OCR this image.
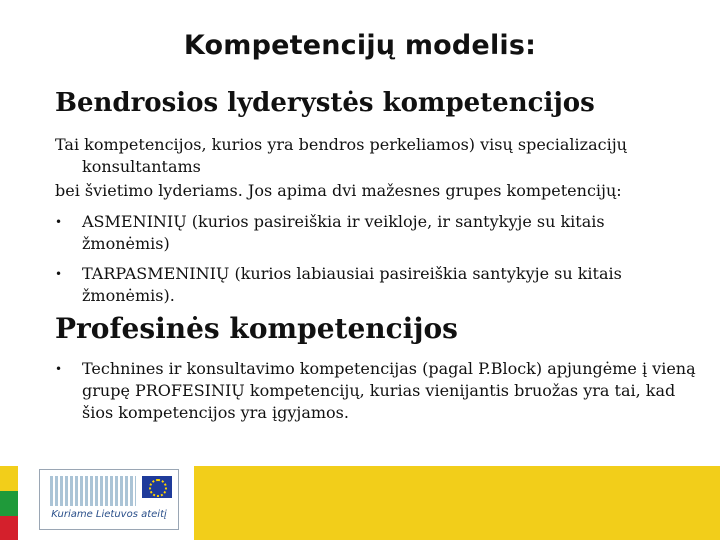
Kompetencijų modelis:
Bendrosios lyderystės kompetencijos
Tai kompetencijos, kurios yra bendros perkeliamos) visų specializacijų
konsultantams
bei švietimo lyderiams. Jos apima dvi mažesnes grupes kompetencijų:
• ASMENINIŲ (kurios pasireiškia ir veikloje, ir santykyje su kitais žmonėmis)
• TARPASMENINIŲ (kurios labiausiai pasireiškia santykyje su kitais žmonėmis).
Profesinės kompetencijos
• Technines ir konsultavimo kompetencijas (pagal P.Block) apjungėme į vieną grupę PROFESINIŲ kompetencijų, kurias vienijantis bruožas yra tai, kad šios kompetencijos yra įgyjamos.
Kuriame Lietuvos ateitį
